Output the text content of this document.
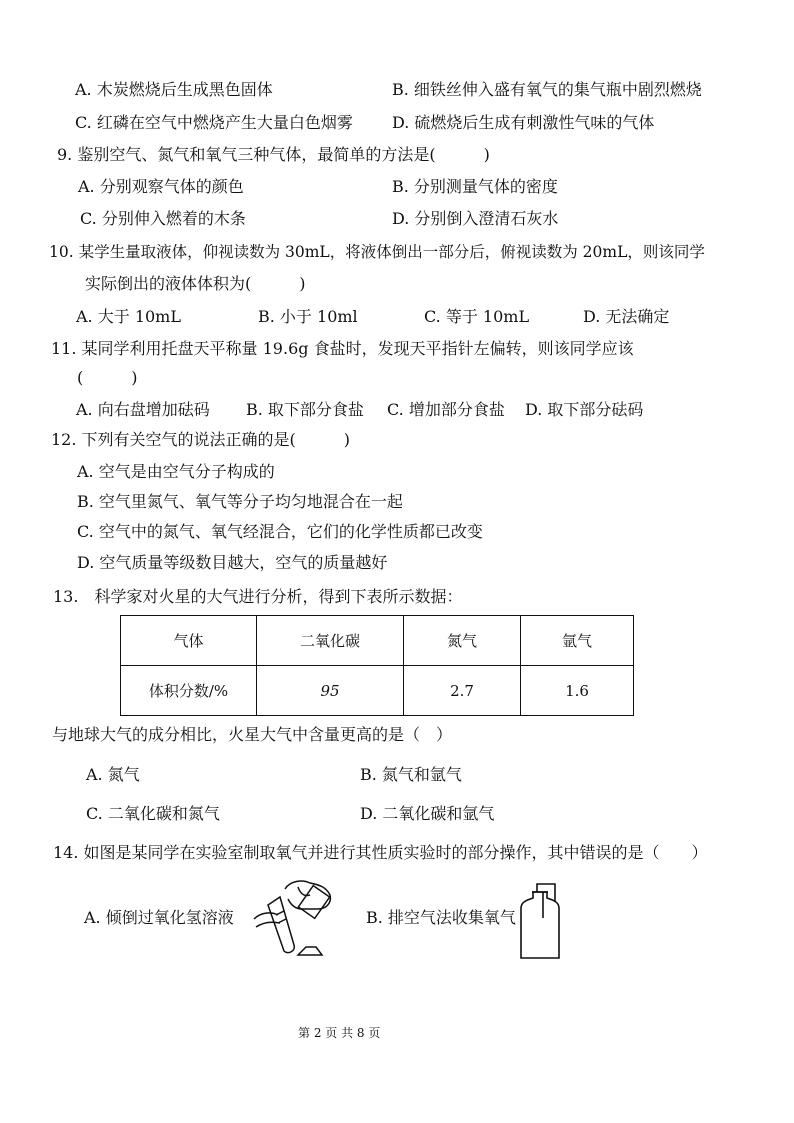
A. 木炭燃烧后生成黑色固体	B. 细铁丝伸入盛有氧气的集气瓶中剧烈燃烧
C. 红磷在空气中燃烧产生大量白色烟雾 D. 硫燃烧后生成有刺激性气味的气体
9. 鉴别空气、氮气和氧气三种气体，最简单的方法是(　　　)
A. 分别观察气体的颜色	B. 分别测量气体的密度
C. 分别伸入燃着的木条	D. 分别倒入澄清石灰水
10. 某学生量取液体，仰视读数为 30mL，将液体倒出一部分后，俯视读数为 20mL，则该同学
实际倒出的液体体积为(　　　)
A. 大于 10mL	B. 小于 10ml	C. 等于 10mL	D. 无法确定
11. 某同学利用托盘天平称量 19.6g 食盐时，发现天平指针左偏转，则该同学应该
(　　　)
A. 向右盘增加砝码 B. 取下部分食盐 C. 增加部分食盐 D. 取下部分砝码
12. 下列有关空气的说法正确的是(　　　)
A. 空气是由空气分子构成的
B. 空气里氮气、氧气等分子均匀地混合在一起
C. 空气中的氮气、氧气经混合，它们的化学性质都已改变
D. 空气质量等级数目越大，空气的质量越好
13.　科学家对火星的大气进行分析，得到下表所示数据：
气体	二氧化碳	氮气	氩气
体积分数/%	95	2.7	1.6
与地球大气的成分相比，火星大气中含量更高的是（　）
A. 氮气	B. 氮气和氩气
C. 二氧化碳和氮气	D. 二氧化碳和氩气
14. 如图是某同学在实验室制取氧气并进行其性质实验时的部分操作，其中错误的是（　　）
A. 倾倒过氧化氢溶液	B. 排空气法收集氧气
第 2 页 共 8 页
